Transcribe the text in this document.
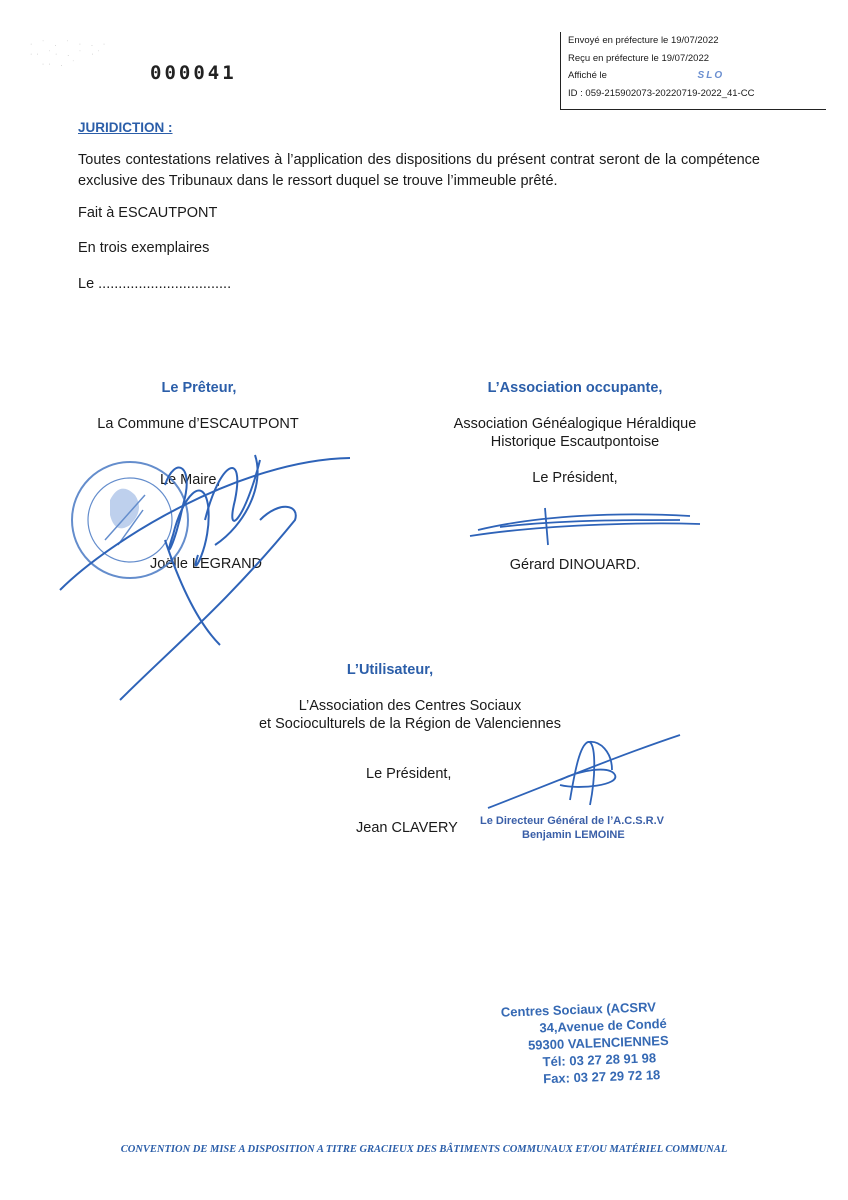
Envoyé en préfecture le 19/07/2022
Reçu en préfecture le 19/07/2022
Affiché le	SLO
ID : 059-215902073-20220719-2022_41-CC
· ˙ . ˙ · . ·
·· ˙· . ˙ ·˙
·· . ˙	000041
JURIDICTION :
Toutes contestations relatives à l’application des dispositions du présent contrat seront de la compétence exclusive des Tribunaux dans le ressort duquel se trouve l’immeuble prêté.
Fait à ESCAUTPONT
En trois exemplaires
Le .................................
Le Prêteur,
La Commune d’ESCAUTPONT
Le Maire,
Joëlle LEGRAND
L’Association occupante,
Association Généalogique Héraldique
Historique Escautpontoise
Le Président,
Gérard DINOUARD.
L’Utilisateur,
L’Association des Centres Sociaux
et Socioculturels de la Région de Valenciennes
Le Président,
Jean CLAVERY Le Directeur Général de l’A.C.S.R.V
Benjamin LEMOINE
Centres Sociaux (ACSRV
34,Avenue de Condé
59300 VALENCIENNES
Tél: 03 27 28 91 98
Fax: 03 27 29 72 18
CONVENTION DE MISE A DISPOSITION A TITRE GRACIEUX DES BÂTIMENTS COMMUNAUX ET/OU MATÉRIEL COMMUNAL
